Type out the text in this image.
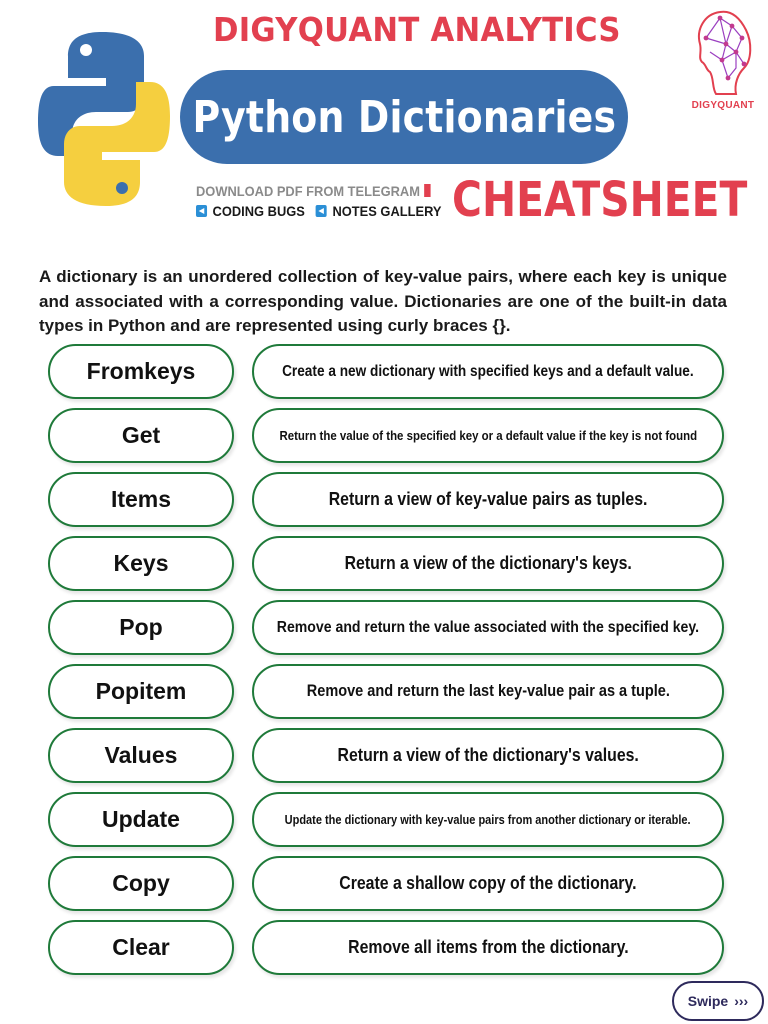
DIGYQUANT ANALYTICS
Python Dictionaries	DIGYQUANT
DOWNLOAD PDF FROM TELEGRAM
CODING BUGS NOTES GALLERY CHEATSHEET

A dictionary is an unordered collection of key-value pairs, where each key is unique and associated with a corresponding value. Dictionaries are one of the built-in data types in Python and are represented using curly braces {}.

Fromkeys	Create a new dictionary with specified keys and a default value.
Get	Return the value of the specified key or a default value if the key is not found
Items	Return a view of key-value pairs as tuples.
Keys	Return a view of the dictionary's keys.
Pop	Remove and return the value associated with the specified key.
Popitem	Remove and return the last key-value pair as a tuple.
Values	Return a view of the dictionary's values.
Update	Update the dictionary with key-value pairs from another dictionary or iterable.
Copy	Create a shallow copy of the dictionary.
Clear	Remove all items from the dictionary.
Swipe ›››
